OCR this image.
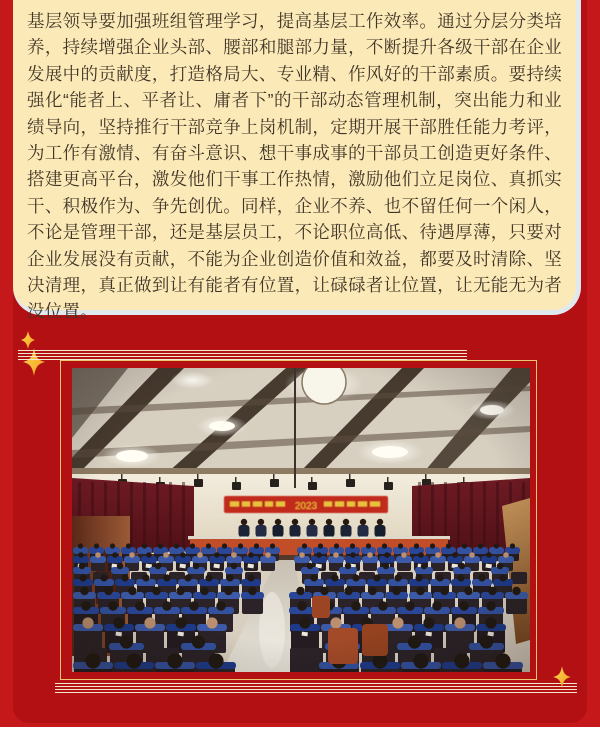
基层领导要加强班组管理学习，提高基层工作效率。通过分层分类培养，持续增强企业头部、腰部和腿部力量，不断提升各级干部在企业发展中的贡献度，打造格局大、专业精、作风好的干部素质。要持续强化“能者上、平者让、庸者下”的干部动态管理机制，突出能力和业绩导向，坚持推行干部竞争上岗机制，定期开展干部胜任能力考评，为工作有激情、有奋斗意识、想干事成事的干部员工创造更好条件、搭建更高平台，激发他们干事工作热情，激励他们立足岗位、真抓实干、积极作为、争先创优。同样，企业不养、也不留任何一个闲人，不论是管理干部，还是基层员工，不论职位高低、待遇厚薄，只要对企业发展没有贡献，不能为企业创造价值和效益，都要及时清除、坚决清理，真正做到让有能者有位置，让碌碌者让位置，让无能无为者没位置。
